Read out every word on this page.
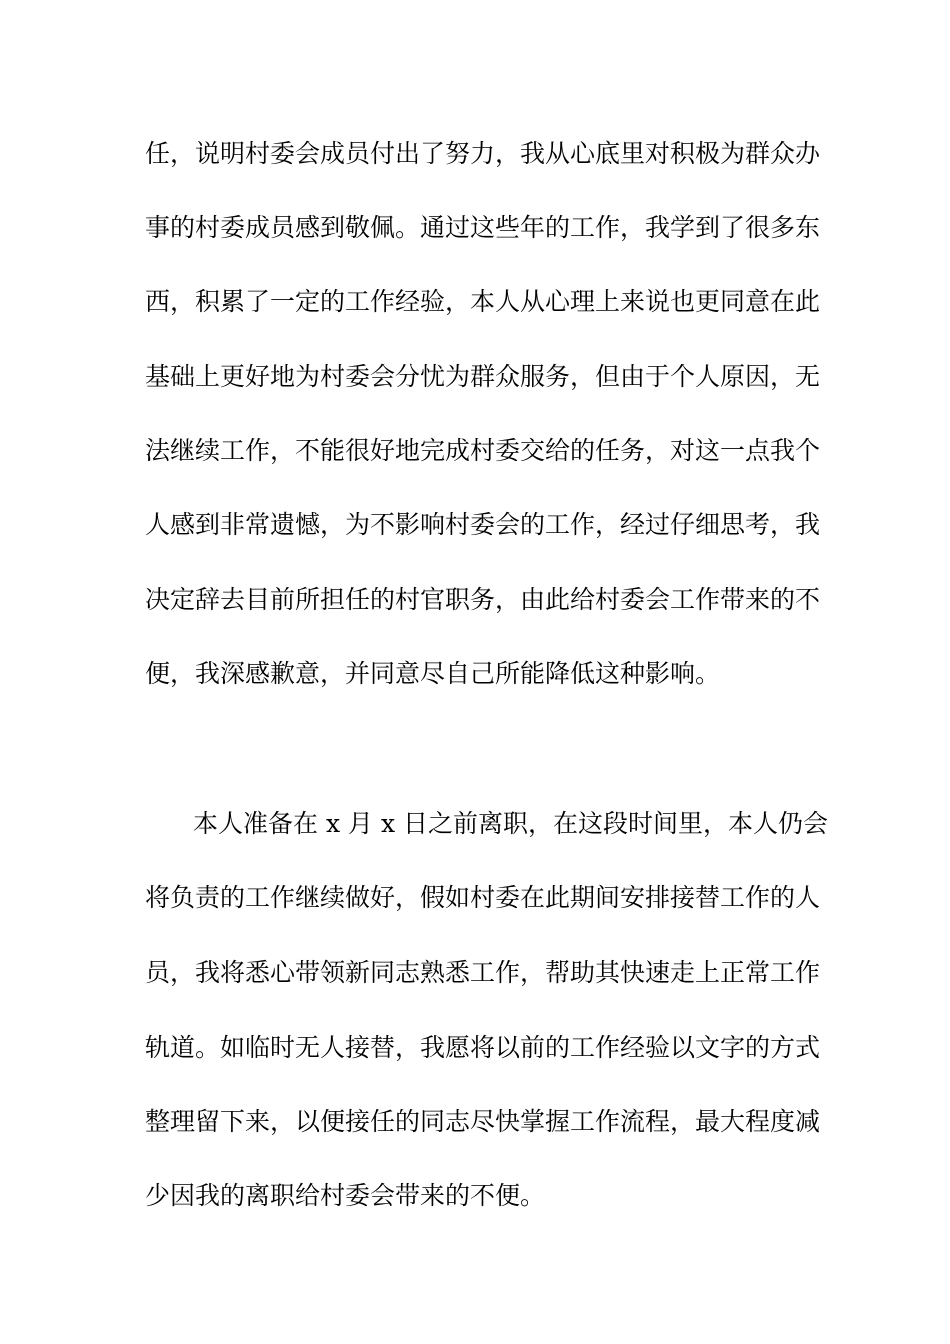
任，说明村委会成员付出了努力，我从心底里对积极为群众办
事的村委成员感到敬佩。通过这些年的工作，我学到了很多东
西，积累了一定的工作经验，本人从心理上来说也更同意在此
基础上更好地为村委会分忧为群众服务，但由于个人原因，无
法继续工作，不能很好地完成村委交给的任务，对这一点我个
人感到非常遗憾，为不影响村委会的工作，经过仔细思考，我
决定辞去目前所担任的村官职务，由此给村委会工作带来的不
便，我深感歉意，并同意尽自己所能降低这种影响。
本人准备在 x 月 x 日之前离职，在这段时间里，本人仍会
将负责的工作继续做好，假如村委在此期间安排接替工作的人
员，我将悉心带领新同志熟悉工作，帮助其快速走上正常工作
轨道。如临时无人接替，我愿将以前的工作经验以文字的方式
整理留下来，以便接任的同志尽快掌握工作流程，最大程度减
少因我的离职给村委会带来的不便。
